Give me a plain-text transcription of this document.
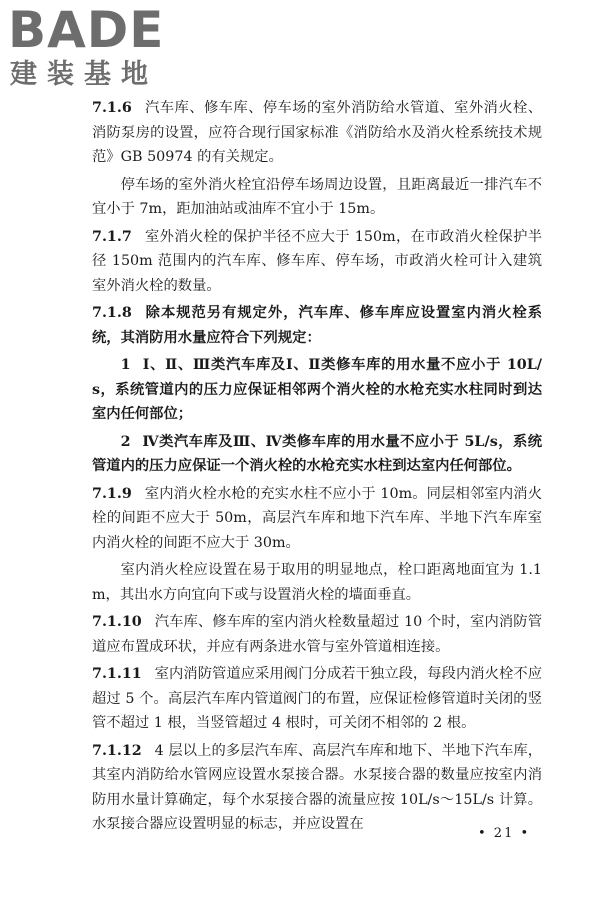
BADE
建装基地

7.1.6 汽车库、修车库、停车场的室外消防给水管道、室外消火栓、消防泵房的设置，应符合现行国家标准《消防给水及消火栓系统技术规范》GB 50974 的有关规定。

停车场的室外消火栓宜沿停车场周边设置，且距离最近一排汽车不宜小于 7m，距加油站或油库不宜小于 15m。

7.1.7 室外消火栓的保护半径不应大于 150m，在市政消火栓保护半径 150m 范围内的汽车库、修车库、停车场，市政消火栓可计入建筑室外消火栓的数量。

7.1.8 除本规范另有规定外，汽车库、修车库应设置室内消火栓系统，其消防用水量应符合下列规定：

1 Ⅰ、Ⅱ、Ⅲ类汽车库及Ⅰ、Ⅱ类修车库的用水量不应小于 10L/s，系统管道内的压力应保证相邻两个消火栓的水枪充实水柱同时到达室内任何部位；

2 Ⅳ类汽车库及Ⅲ、Ⅳ类修车库的用水量不应小于 5L/s，系统管道内的压力应保证一个消火栓的水枪充实水柱到达室内任何部位。

7.1.9 室内消火栓水枪的充实水柱不应小于 10m。同层相邻室内消火栓的间距不应大于 50m，高层汽车库和地下汽车库、半地下汽车库室内消火栓的间距不应大于 30m。

室内消火栓应设置在易于取用的明显地点，栓口距离地面宜为 1.1m，其出水方向宜向下或与设置消火栓的墙面垂直。

7.1.10 汽车库、修车库的室内消火栓数量超过 10 个时，室内消防管道应布置成环状，并应有两条进水管与室外管道相连接。

7.1.11 室内消防管道应采用阀门分成若干独立段，每段内消火栓不应超过 5 个。高层汽车库内管道阀门的布置，应保证检修管道时关闭的竖管不超过 1 根，当竖管超过 4 根时，可关闭不相邻的 2 根。

7.1.12 4 层以上的多层汽车库、高层汽车库和地下、半地下汽车库，其室内消防给水管网应设置水泵接合器。水泵接合器的数量应按室内消防用水量计算确定，每个水泵接合器的流量应按 10L/s～15L/s 计算。水泵接合器应设置明显的标志，并应设置在

• 21 •
